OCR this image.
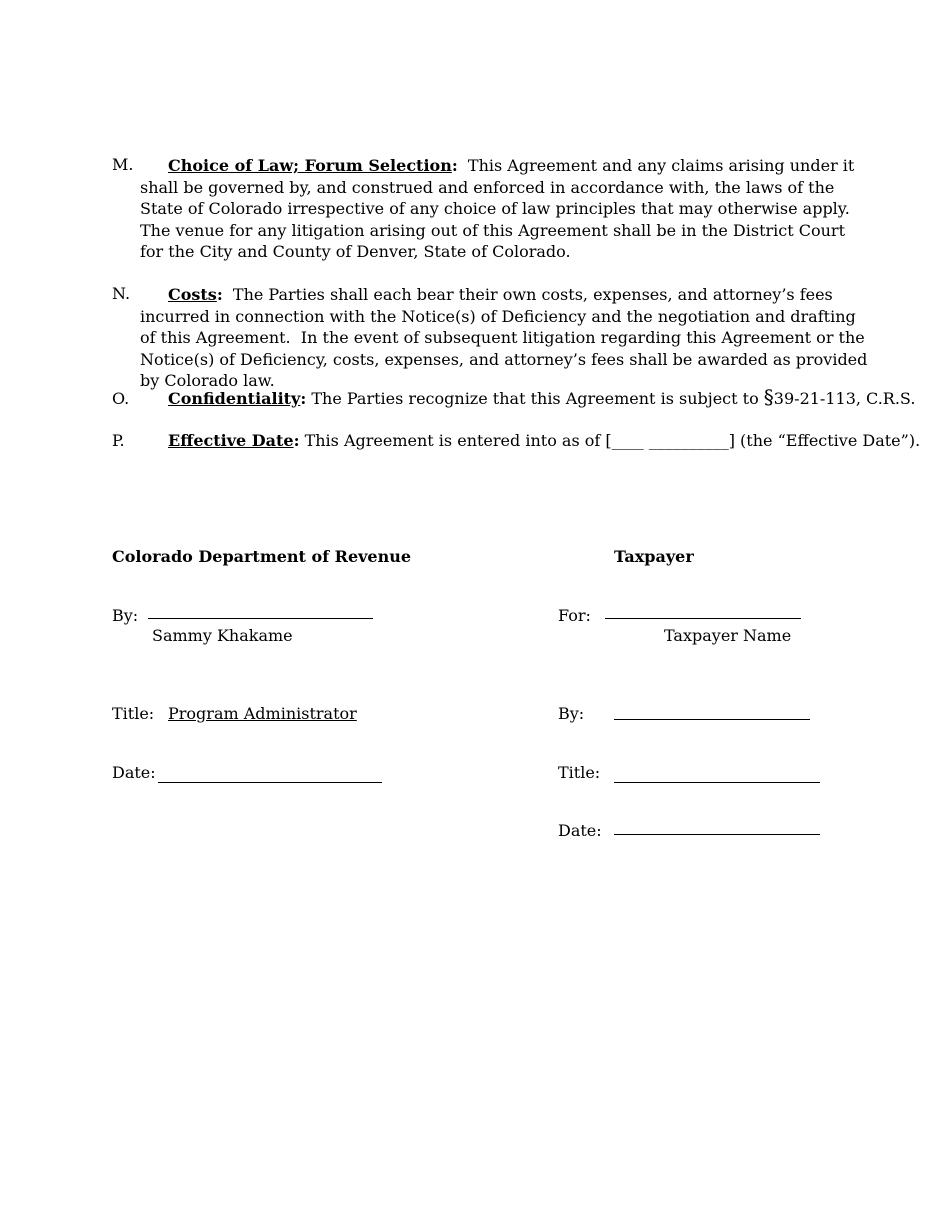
M.	Choice of Law; Forum Selection:  This Agreement and any claims arising under it shall be governed by, and construed and enforced in accordance with, the laws of the State of Colorado irrespective of any choice of law principles that may otherwise apply.  The venue for any litigation arising out of this Agreement shall be in the District Court for the City and County of Denver, State of Colorado.
N.	Costs:  The Parties shall each bear their own costs, expenses, and attorney’s fees incurred in connection with the Notice(s) of Deficiency and the negotiation and drafting of this Agreement.  In the event of subsequent litigation regarding this Agreement or the Notice(s) of Deficiency, costs, expenses, and attorney’s fees shall be awarded as provided by Colorado law.
O. Confidentiality: The Parties recognize that this Agreement is subject to §39-21-113, C.R.S.
P.	Effective Date: This Agreement is entered into as of [____ __________] (the “Effective Date”).
Colorado Department of Revenue
By:
Sammy Khakame
Title: Program Administrator
Date:
Taxpayer
For:
Taxpayer Name
By:
Title:
Date:
